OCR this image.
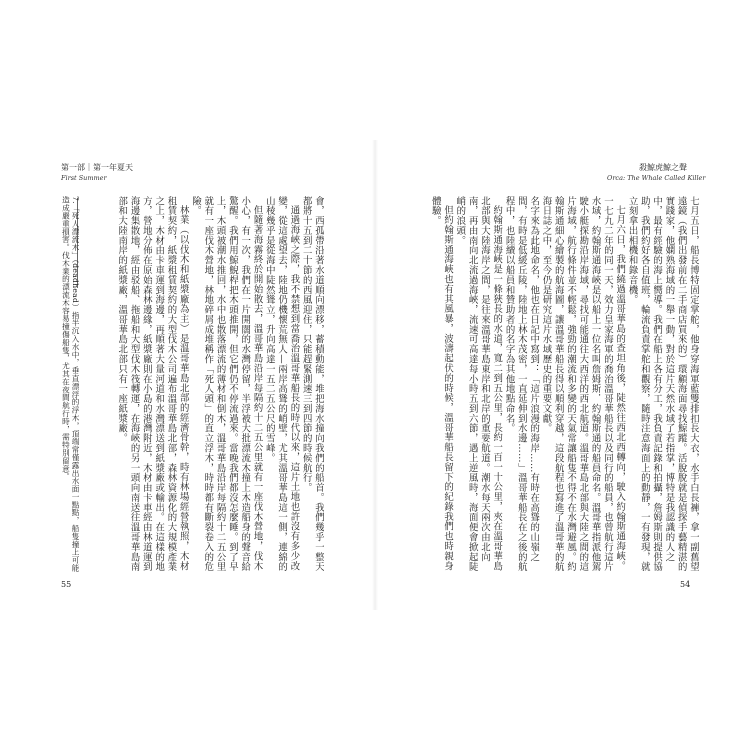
第一部｜第一年夏天
First Summer

會，西孤帶沿著水道順向漂移，蓄積動能，堆把海水撞向我們的船首。我們幾乎一整天都將十五到二十節的西風迎住，只能趕緊測速三到四節的時候航行。

通過海峽之際，我不禁想到當喬治溫哥華船長的時代以來，這片土地也許沒有多少改變，從這處望去，陸地仍機懷荒無人—兩岸高聳的峭壁，尤其溫哥華島這一側，連綿的山稜幾乎是從海中陡然聳立，升向高達一五二五公尺的雪峰。

但隨著海霧終於開始散去，溫哥華島沿岸每隔約十二五公里就有一座伐木營地，伐木小心，有一次，我們在一片開闊的水灣停留，半浮被大批漂流木撞上木造船身的聲音給驚醒。我們用鯨鯢桿把木頭推開，但它們仍不停流過來。當晚我們都沒怎麼睡。到了早上，木頭被潮水推回，水中也散落漂流的薄材和倒木，溫哥華島沿岸每隔約十二五公里就有一座伐木營地，林地碎屑成堆稱作「死人頭」的直立浮木，時時都有斷裂卷入的危險。

林業（以伐木和紙漿廠為主）是溫哥華島北部的經濟骨幹，時有林場經營執照，木材租賃契約，紙漿租賃契約的大型伐木公司遍布溫哥華島北部，森林資源化的大規模產業之上，木材由卡車運到海邊，再順著大量河道和水灣漂送到紙漿廠或輸出。在這樣的地方，營地分佈在原始森林邊緣，紙漿廠則在小島的港灣附近，木材由卡車經由林道運到海邊集散地，經由驳船、拖船和大型伐木筏轉運，在海峽的另一頭向南送往溫哥華島南部和大陸南岸的紙漿廠，溫哥華島北部只有一座紙漿廠。

7.「死人漂流木」（deadhead）指半沉入水中，垂直漂浮的浮木，頂端常僅露出水面一點點，船隻撞上可能造成嚴重損害。伐木業的漂流木容易撞傷船隻，尤其在夜間航行時，需特別留意。
55
殺鯨虎鯨之聲
Orca: The Whale Called Killer

七月五日，船長博特固定掌舵，他身穿海軍藍雙排扣長大衣，水手白長褲，拿一副舊望遠鏡（我們出發前在二手商店買來的）環顧海面尋找鯨蹤。活脫脫就是偵探手藝精湛的實踐家，他嫻熟海域的一舉一動，對於這片天然水域了若指掌，博特是我認識的人之中，最有經驗的海上嚮導。我們在船上各有分工，我負責記錄和拍攝，詹姆斯則提供協助，我們約好各自值班，輪流負責掌舵和觀察，隨時注意海面上的動靜，一有發現，就立刻拿出相機和錄音機。

七月六日，我們繞過溫哥華島的查坦角後，陡然往西北西轉向，駛入約翰斯通海峽。一七九二年的同一天，效力皇家海軍的喬治溫哥華船長以及同行的船員，也曾航行這片水域，約翰斯通海峽是以船上一位名叫詹姆斯．約翰斯通的船員命名。溫哥華指派他駕駛小艇探勘沿岸海域，尋找可能通往大西洋的西北航道。溫哥華島北部與大陸之間的這片海域，航行條件並不輕鬆，強勁的潮流和多變的天氣常讓船隻不得不在水灣避風。約翰斯通細心繪製的航海圖，讓溫哥華船長得以順利穿越，這段航程也寫進了溫哥華的航海日誌之中，至今仍是研究這片水域歷史的重要文獻。

名字來為此地命名，他也在日記中寫到：「這片浪漫的海岸……有時在高聳的山嶺之間，有時是低緩丘陵，陸地上林木茂密，一直延伸到水邊……」溫哥華船長在之後的航程中，也陸續以船員和贊助者的名字為其他地點命名。

約翰斯通海峽是一條狹長的水道，寬二到五公里，長約一百一十公里，夾在溫哥華島北部與大陸海岸之間，是往來溫哥華島東岸和北岸的重要航道。潮水每天兩次由北向南，再由南向北流過海峽，流速可高達每小時五到六節，遇上逆風時，海面便會掀起陡峭的浪頭。

但約翰斯通海峽也有其風暴，波濤起伏的時候，溫哥華船長留下的紀錄我們也時親身體驗。

54
